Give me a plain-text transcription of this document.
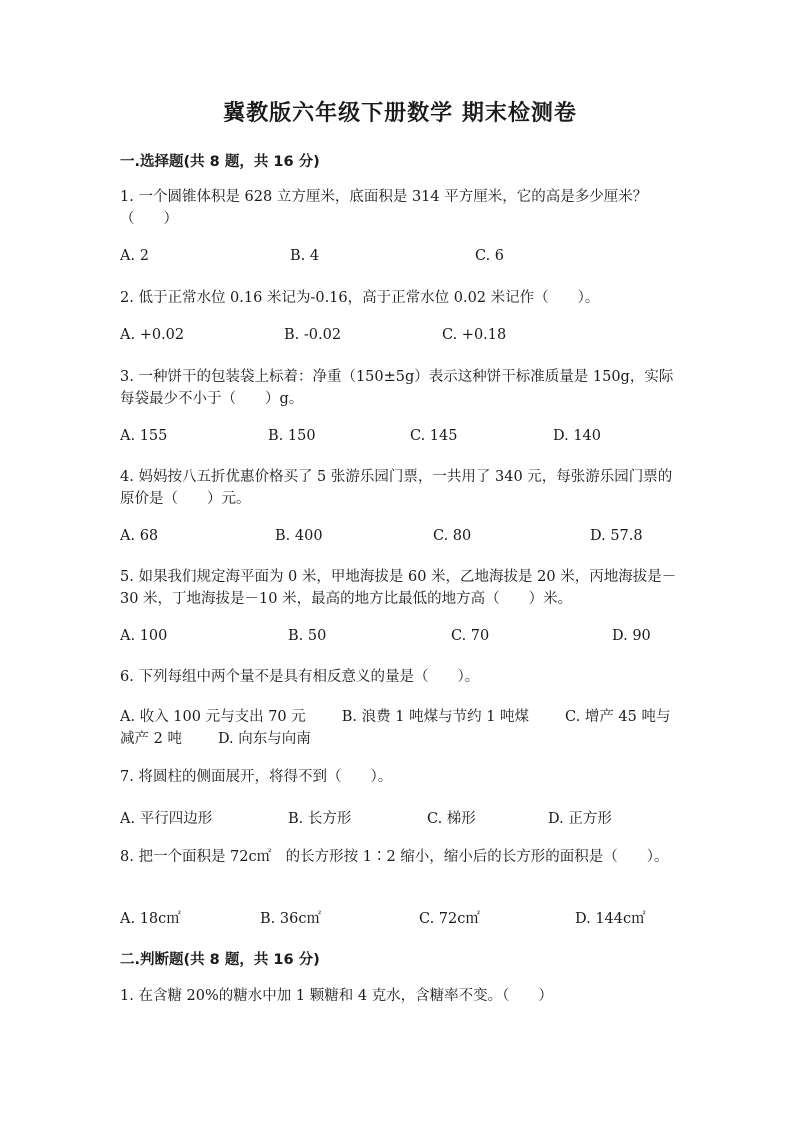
冀教版六年级下册数学 期末检测卷
一.选择题(共 8 题，共 16 分)
1. 一个圆锥体积是 628 立方厘米，底面积是 314 平方厘米，它的高是多少厘米？（　　）
A. 2	B. 4	C. 6
2. 低于正常水位 0.16 米记为-0.16，高于正常水位 0.02 米记作（　　）。
A. +0.02	B. -0.02	C. +0.18
3. 一种饼干的包装袋上标着：净重（150±5g）表示这种饼干标准质量是 150g，实际每袋最少不小于（　　）g。
A. 155	B. 150	C. 145	D. 140
4. 妈妈按八五折优惠价格买了 5 张游乐园门票，一共用了 340 元，每张游乐园门票的原价是（　　）元。
A. 68	B. 400	C. 80	D. 57.8
5. 如果我们规定海平面为 0 米，甲地海拔是 60 米，乙地海拔是 20 米，丙地海拔是－30 米，丁地海拔是－10 米，最高的地方比最低的地方高（　　）米。
A. 100	B. 50	C. 70	D. 90
6. 下列每组中两个量不是具有相反意义的量是（　　）。
A. 收入 100 元与支出 70 元 B. 浪费 1 吨煤与节约 1 吨煤 C. 增产 45 吨与减产 2 吨 D. 向东与向南
7. 将圆柱的侧面展开，将得不到（　　）。
A. 平行四边形	B. 长方形	C. 梯形	D. 正方形
8. 把一个面积是 72c㎡　的长方形按 1∶2 缩小，缩小后的长方形的面积是（　　）。
A. 18c㎡	B. 36c㎡	C. 72c㎡	D. 144c㎡
二.判断题(共 8 题，共 16 分)
1. 在含糖 20%的糖水中加 1 颗糖和 4 克水，含糖率不变。（　　）
